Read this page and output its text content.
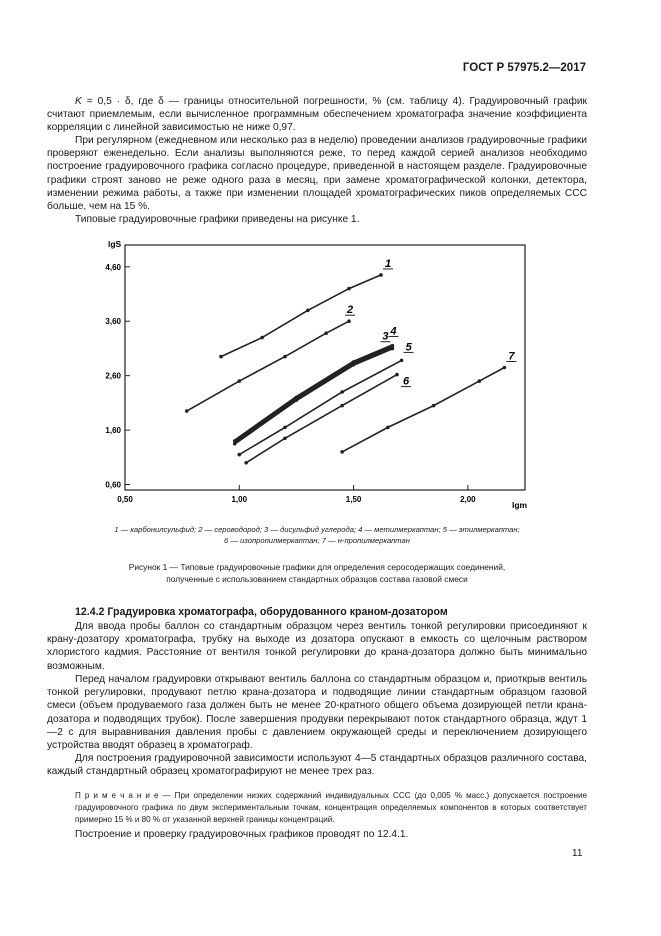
ГОСТ Р 57975.2—2017

K = 0,5 · δ, где δ — границы относительной погрешности, % (см. таблицу 4). Градуировочный график считают приемлемым, если вычисленное программным обеспечением хроматографа значение коэффициента корреляции с линейной зависимостью не ниже 0,97.

При регулярном (ежедневном или несколько раз в неделю) проведении анализов градуировочные графики проверяют еженедельно. Если анализы выполняются реже, то перед каждой серией анализов необходимо построение градуировочного графика согласно процедуре, приведенной в настоящем разделе. Градуировочные графики строят заново не реже одного раза в месяц, при замене хроматографической колонки, детектора, изменении режима работы, а также при изменении площадей хроматографических пиков определяемых ССС больше, чем на 15 %.

Типовые градуировочные графики приведены на рисунке 1.

0,60
1,60
2,60
3,60
4,60
0,50	1,00	1,50	2,00
1
2
3 4
5
6
7
lgS
lgm
1 — карбонилсульфид; 2 — сероводород; 3 — дисульфид углерода; 4 — метилмеркаптан; 5 — этилмеркаптан;
6 — изопропилмеркаптан; 7 — н-пропилмеркаптан
Рисунок 1 — Типовые градуировочные графики для определения серосодержащих соединений,
полученные с использованием стандартных образцов состава газовой смеси
12.4.2 Градуировка хроматографа, оборудованного краном-дозатором

Для ввода пробы баллон со стандартным образцом через вентиль тонкой регулировки присоединяют к крану-дозатору хроматографа, трубку на выходе из дозатора опускают в емкость со щелочным раствором хлористого кадмия. Расстояние от вентиля тонкой регулировки до крана-дозатора должно быть минимально возможным.

Перед началом градуировки открывают вентиль баллона со стандартным образцом и, приоткрыв вентиль тонкой регулировки, продувают петлю крана-дозатора и подводящие линии стандартным образцом газовой смеси (объем продуваемого газа должен быть не менее 20-кратного общего объема дозирующей петли крана-дозатора и подводящих трубок). После завершения продувки перекрывают поток стандартного образца, ждут 1—2 с для выравнивания давления пробы с давлением окружающей среды и переключением дозирующего устройства вводят образец в хроматограф.

Для построения градуировочной зависимости используют 4—5 стандартных образцов различного состава, каждый стандартный образец хроматографируют не менее трех раз.

П р и м е ч а н и е — При определении низких содержаний индивидуальных ССС (до 0,005 % масс.) допускается построение градуировочного графика по двум экспериментальным точкам, концентрация определяемых компонентов в которых соответствует примерно 15 % и 80 % от указанной верхней границы концентраций.

Построение и проверку градуировочных графиков проводят по 12.4.1.

11
